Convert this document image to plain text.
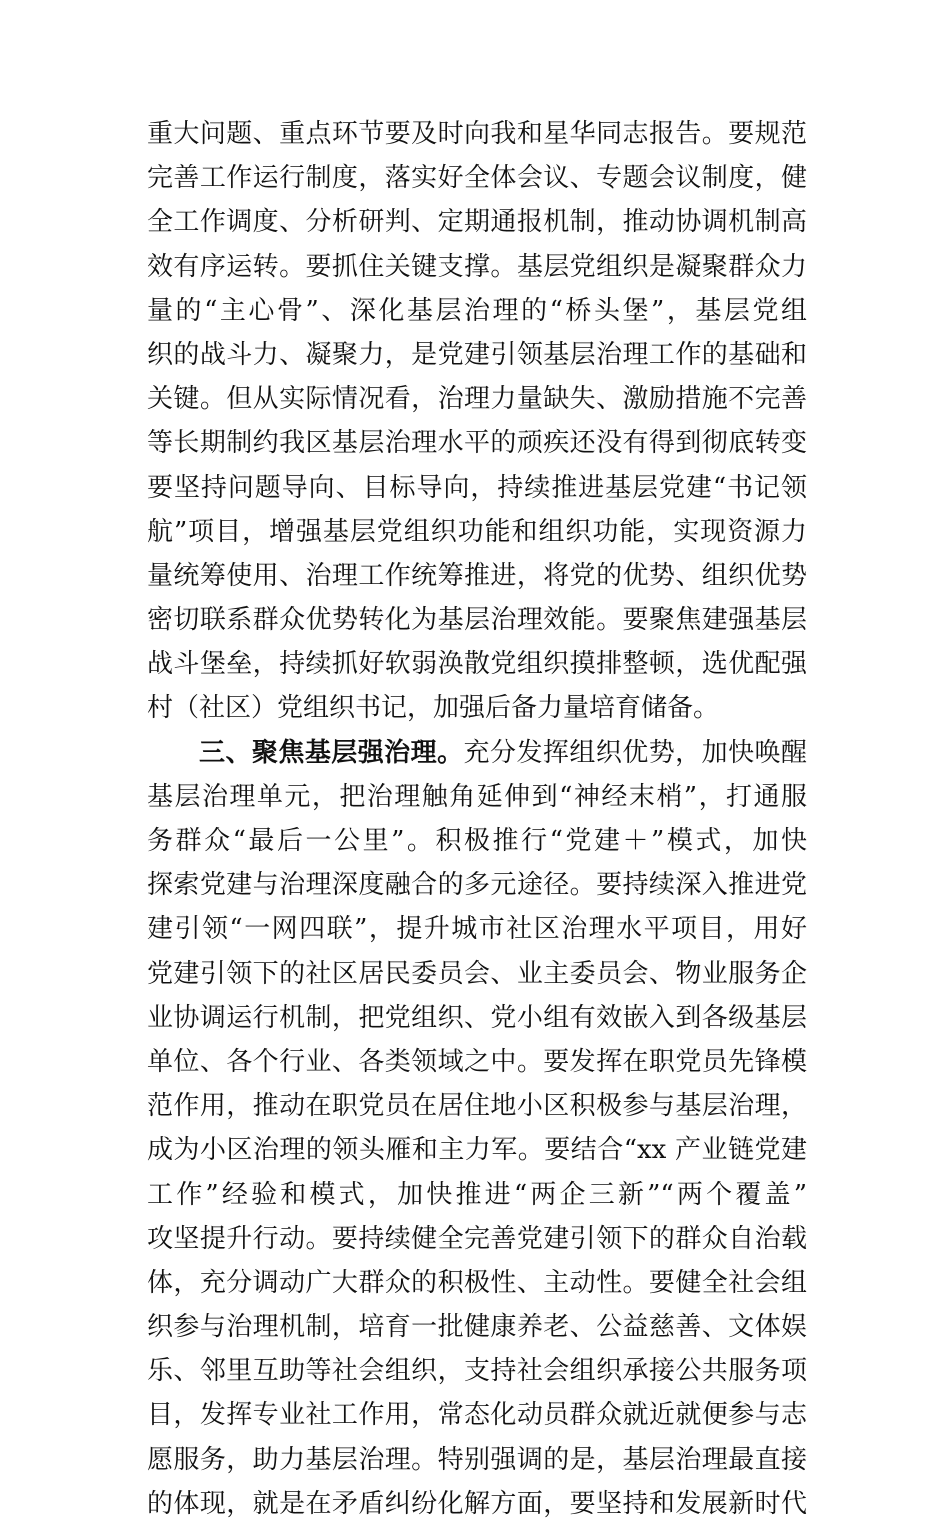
重大问题、重点环节要及时向我和星华同志报告。要规范
完善工作运行制度，落实好全体会议、专题会议制度，健
全工作调度、分析研判、定期通报机制，推动协调机制高
效有序运转。要抓住关键支撑。基层党组织是凝聚群众力
量的“主心骨”、深化基层治理的“桥头堡”，基层党组
织的战斗力、凝聚力，是党建引领基层治理工作的基础和
关键。但从实际情况看，治理力量缺失、激励措施不完善
等长期制约我区基层治理水平的顽疾还没有得到彻底转变
要坚持问题导向、目标导向，持续推进基层党建“书记领
航”项目，增强基层党组织功能和组织功能，实现资源力
量统筹使用、治理工作统筹推进，将党的优势、组织优势
密切联系群众优势转化为基层治理效能。要聚焦建强基层
战斗堡垒，持续抓好软弱涣散党组织摸排整顿，选优配强
村（社区）党组织书记，加强后备力量培育储备。
三、聚焦基层强治理。充分发挥组织优势，加快唤醒
基层治理单元，把治理触角延伸到“神经末梢”，打通服
务群众“最后一公里”。积极推行“党建＋”模式，加快
探索党建与治理深度融合的多元途径。要持续深入推进党
建引领“一网四联”，提升城市社区治理水平项目，用好
党建引领下的社区居民委员会、业主委员会、物业服务企
业协调运行机制，把党组织、党小组有效嵌入到各级基层
单位、各个行业、各类领域之中。要发挥在职党员先锋模
范作用，推动在职党员在居住地小区积极参与基层治理，
成为小区治理的领头雁和主力军。要结合“xx 产业链党建
工作”经验和模式，加快推进“两企三新”“两个覆盖”
攻坚提升行动。要持续健全完善党建引领下的群众自治载
体，充分调动广大群众的积极性、主动性。要健全社会组
织参与治理机制，培育一批健康养老、公益慈善、文体娱
乐、邻里互助等社会组织，支持社会组织承接公共服务项
目，发挥专业社工作用，常态化动员群众就近就便参与志
愿服务，助力基层治理。特别强调的是，基层治理最直接
的体现，就是在矛盾纠纷化解方面，要坚持和发展新时代
